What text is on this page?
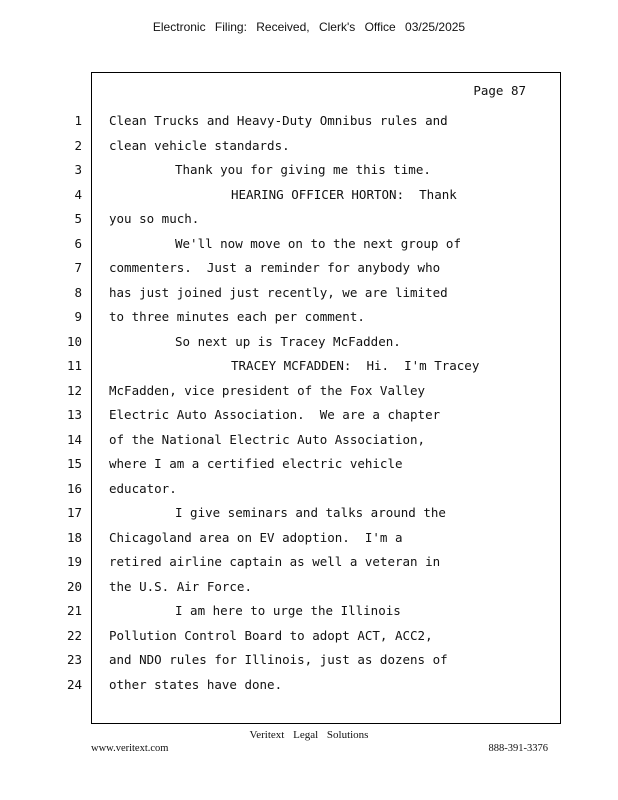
Electronic Filing: Received, Clerk's Office 03/25/2025
Page 87
1 Clean Trucks and Heavy-Duty Omnibus rules and
2 clean vehicle standards.
3	Thank you for giving me this time.
4	HEARING OFFICER HORTON:  Thank
5 you so much.
6	We'll now move on to the next group of
7 commenters.  Just a reminder for anybody who
8 has just joined just recently, we are limited
9 to three minutes each per comment.
10	So next up is Tracey McFadden.
11	TRACEY MCFADDEN:  Hi.  I'm Tracey
12 McFadden, vice president of the Fox Valley
13 Electric Auto Association.  We are a chapter
14 of the National Electric Auto Association,
15 where I am a certified electric vehicle
16 educator.
17	I give seminars and talks around the
18 Chicagoland area on EV adoption.  I'm a
19 retired airline captain as well a veteran in
20 the U.S. Air Force.
21	I am here to urge the Illinois
22 Pollution Control Board to adopt ACT, ACC2,
23 and NDO rules for Illinois, just as dozens of
24 other states have done.
Veritext Legal Solutions
www.veritext.com	888-391-3376
